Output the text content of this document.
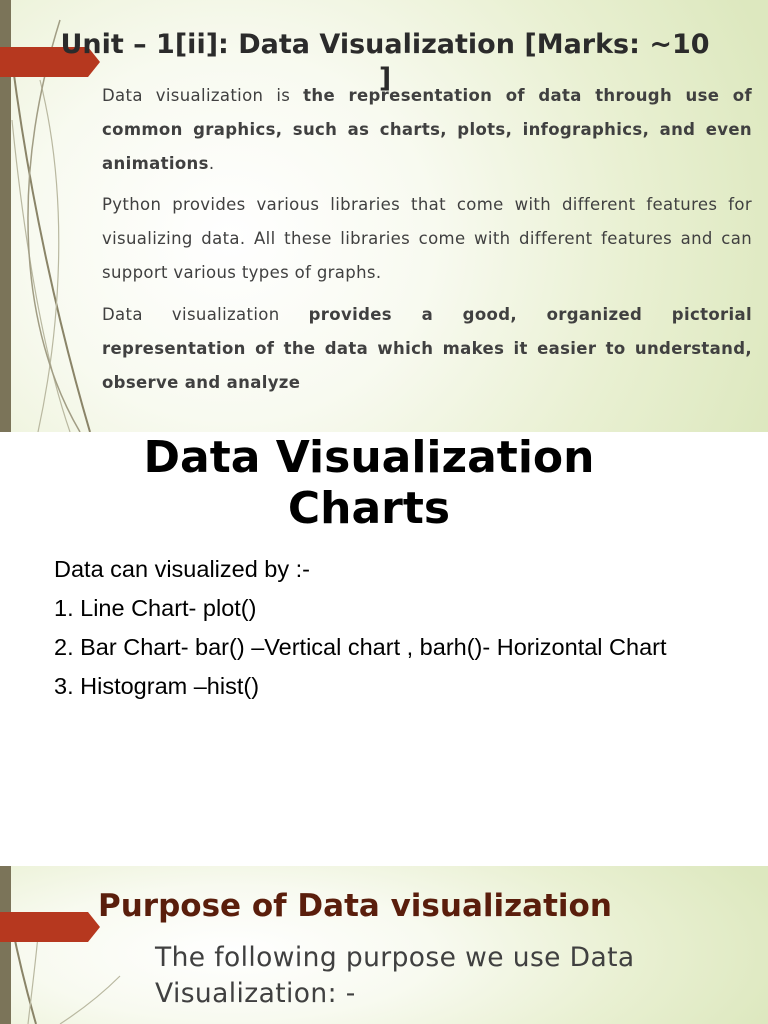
Unit – 1[ii]: Data Visualization [Marks: ~10 ]

Data visualization is the representation of data through use of common graphics, such as charts, plots, infographics, and even animations.

Python provides various libraries that come with different features for visualizing data. All these libraries come with different features and can support various types of graphs.

Data visualization provides a good, organized pictorial representation of the data which makes it easier to understand, observe and analyze

Data Visualization
Charts
Data can visualized by :-
1. Line Chart- plot()
2. Bar Chart- bar() –Vertical chart , barh()- Horizontal Chart
3. Histogram –hist()
Purpose of Data visualization

The following purpose we use Data Visualization: -
